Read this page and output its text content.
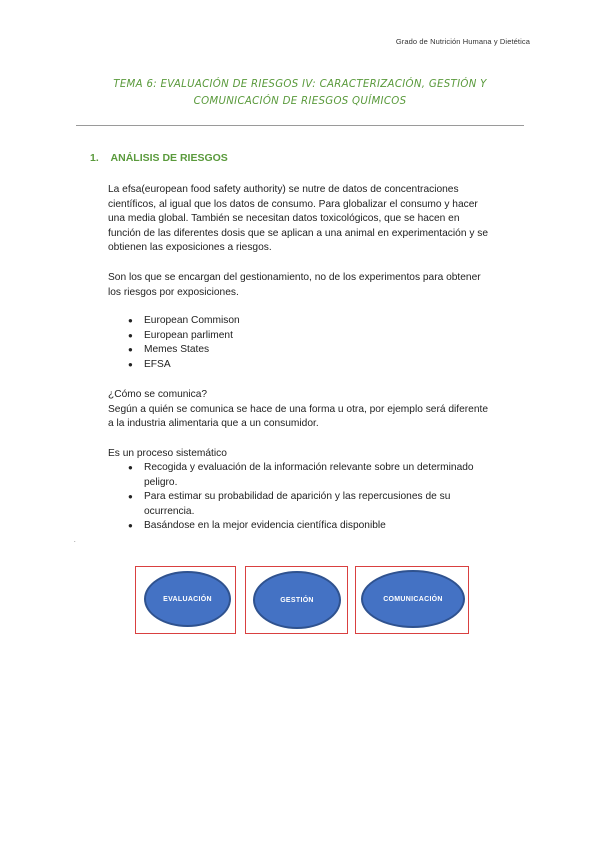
Grado de Nutrición Humana y Dietética
TEMA 6: EVALUACIÓN DE RIESGOS IV: CARACTERIZACIÓN, GESTIÓN Y
COMUNICACIÓN DE RIESGOS QUÍMICOS
1. ANÁLISIS DE RIESGOS

La efsa(european food safety authority) se nutre de datos de concentraciones

científicos, al igual que los datos de consumo. Para globalizar el consumo y hacer

una media global. También se necesitan datos toxicológicos, que se hacen en

función de las diferentes dosis que se aplican a una animal en experimentación y se

obtienen las exposiciones a riesgos.

Son los que se encargan del gestionamiento, no de los experimentos para obtener

los riesgos por exposiciones.

● European Commison
● European parliment
● Memes States
● EFSA

¿Cómo se comunica?

Según a quién se comunica se hace de una forma u otra, por ejemplo será diferente

a la industria alimentaria que a un consumidor.

Es un proceso sistemático

● Recogida y evaluación de la información relevante sobre un determinado
peligro.
● Para estimar su probabilidad de aparición y las repercusiones de su
ocurrencia.
● Basándose en la mejor evidencia científica disponible
.
EVALUACIÓN	GESTIÓN	COMUNICACIÓN
